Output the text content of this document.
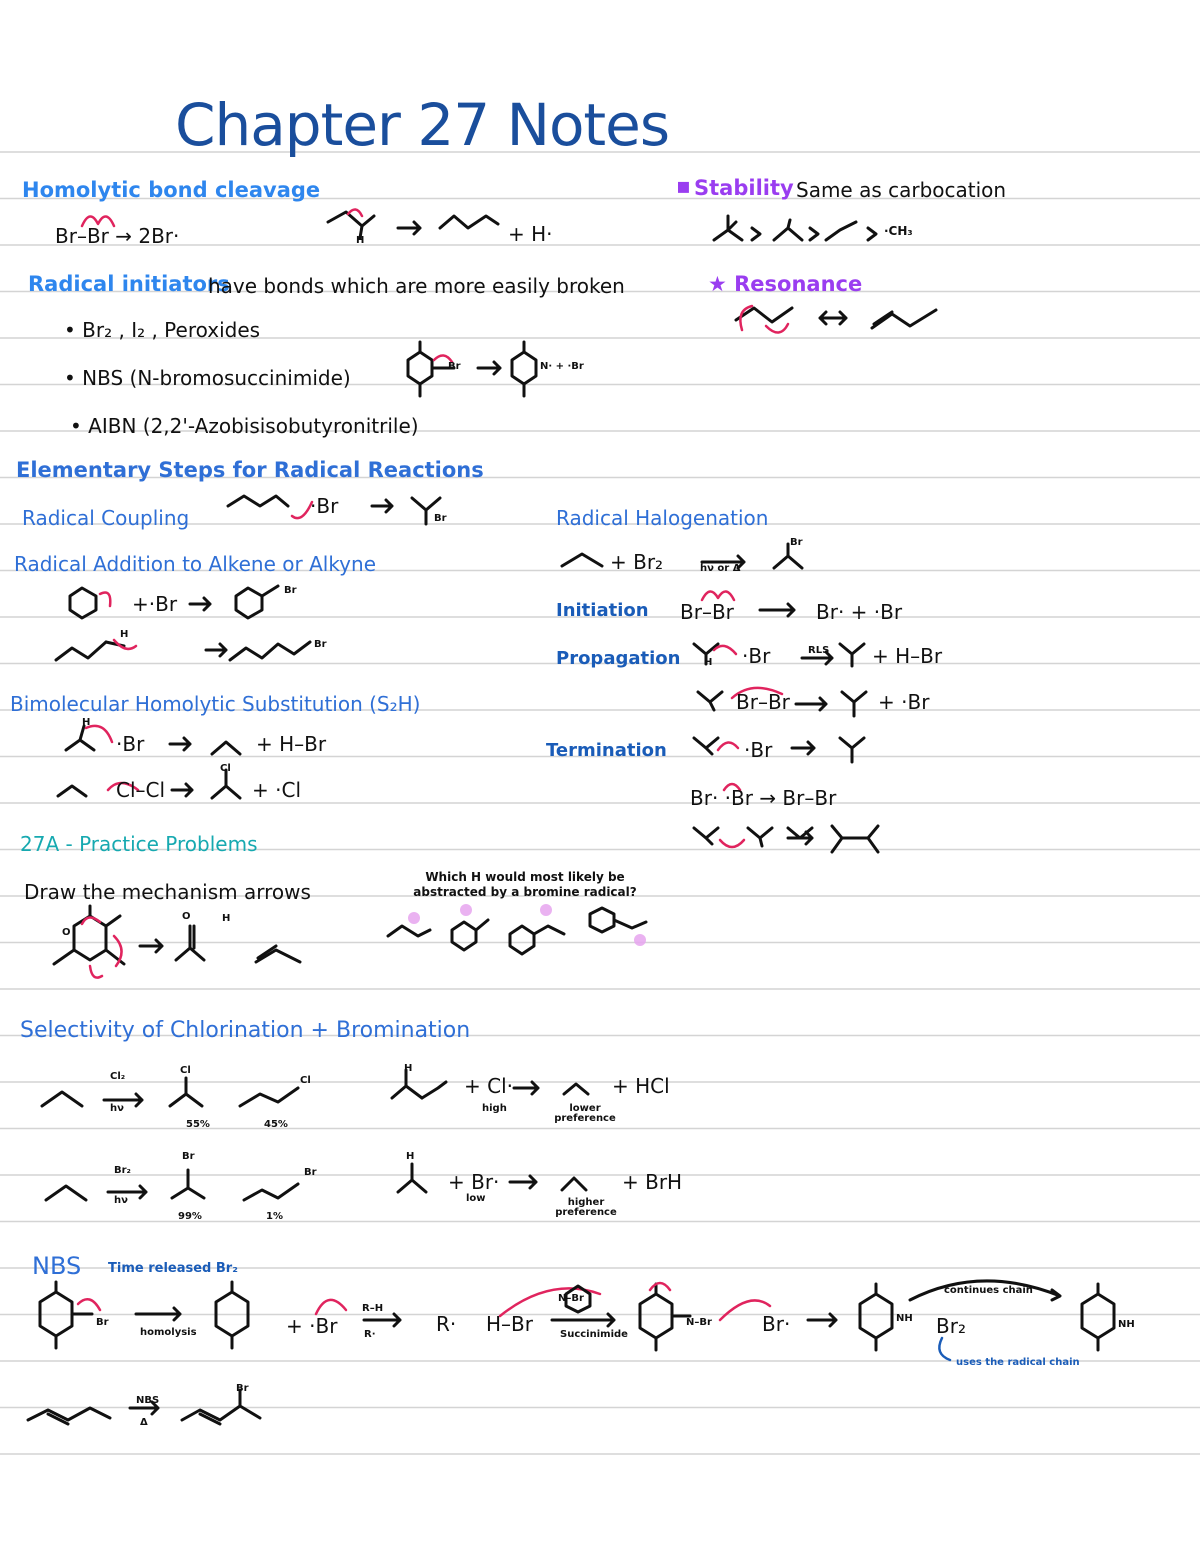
Chapter 27 Notes
Homolytic bond cleavage
Br–Br → 2Br·	H	+ H·
▪ Stability Same as carbocation
·CH₃
Radical initiators
have bonds which are more easily broken	★ Resonance
• Br₂ , I₂ , Peroxides
• NBS (N-bromosuccinimide)
• AIBN (2,2'-Azobisisobutyronitrile)
Br	N· + ·Br
Elementary Steps for Radical Reactions
Radical Coupling	·Br
Br
Radical Addition to Alkene or Alkyne
+·Br
Br
H
Br
Bimolecular Homolytic Substitution (S₂H)
H
·Br	+ H–Br
Cl–Cl
Cl
+ ·Cl
Radical Halogenation
+ Br₂	hν or Δ
Br
Initiation Br–Br	Br· + ·Br
Propagation H ·Br	RLS + H–Br
Br–Br	+ ·Br
Termination	·Br
Br· ·Br → Br–Br
27A - Practice Problems
Draw the mechanism arrows
Which H would most likely be abstracted by a bromine radical?
O
O	H
Selectivity of Chlorination + Bromination
Cl₂
hν
Cl
Cl
55%	45%
H
+ Cl·
high
+ HCl
lower preference
Br₂
hν
Br
Br
99%	1%
H
+ Br·
low
+ BrH
higher preference
NBS Time released Br₂
Br
homolysis	+ ·Br
R–H
R·	R· H–Br
N–Br
Succinimide
N–Br	Br·	NH Br₂
continues chain
uses the radical chain
NH
NBS
Δ
Br
